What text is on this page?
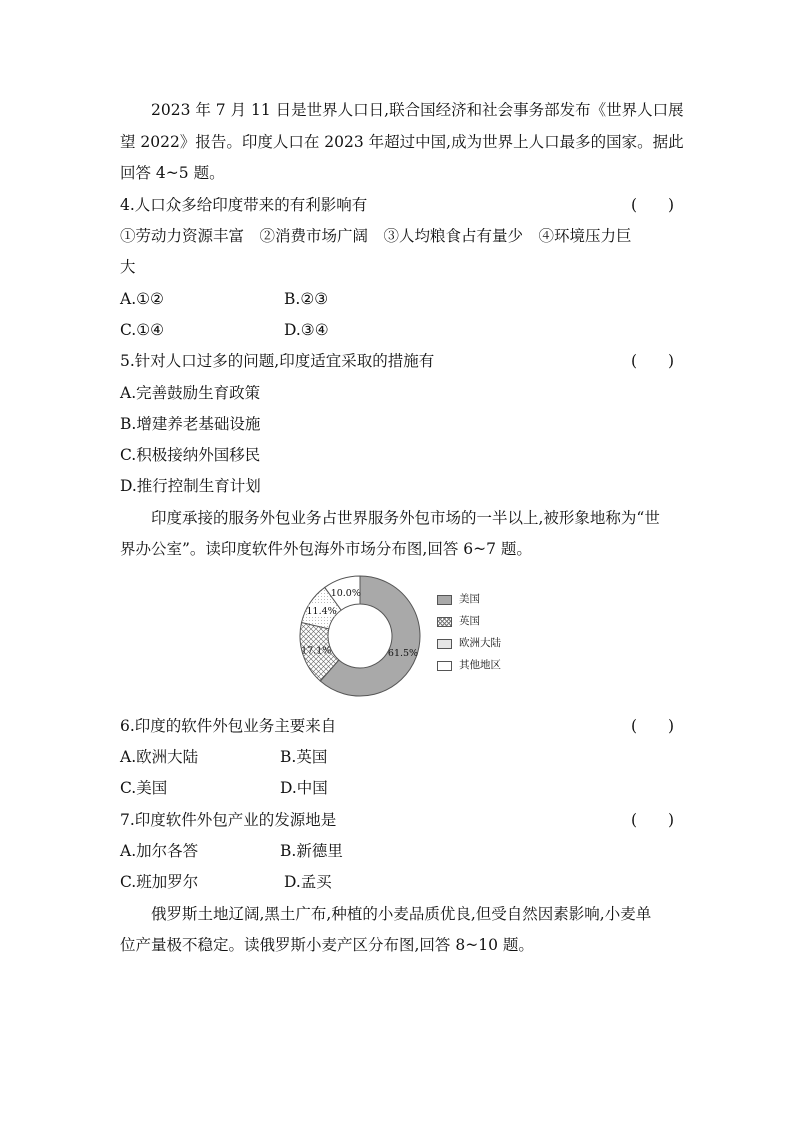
2023 年 7 月 11 日是世界人口日,联合国经济和社会事务部发布《世界人口展
望 2022》报告。印度人口在 2023 年超过中国,成为世界上人口最多的国家。据此
回答 4~5 题。
4.人口众多给印度带来的有利影响有	(　　)
①劳动力资源丰富　②消费市场广阔　③人均粮食占有量少　④环境压力巨
大
A.①②	B.②③
C.①④	D.③④
5.针对人口过多的问题,印度适宜采取的措施有	(　　)
A.完善鼓励生育政策
B.增建养老基础设施
C.积极接纳外国移民
D.推行控制生育计划
印度承接的服务外包业务占世界服务外包市场的一半以上,被形象地称为“世
界办公室”。读印度软件外包海外市场分布图,回答 6~7 题。
61.5%
17.1%
11.4%
10.0%	美国
英国
欧洲大陆
其他地区
6.印度的软件外包业务主要来自	(　　)
A.欧洲大陆	B.英国
C.美国	D.中国
7.印度软件外包产业的发源地是	(　　)
A.加尔各答	B.新德里
C.班加罗尔	D.孟买
俄罗斯土地辽阔,黑土广布,种植的小麦品质优良,但受自然因素影响,小麦单
位产量极不稳定。读俄罗斯小麦产区分布图,回答 8~10 题。
